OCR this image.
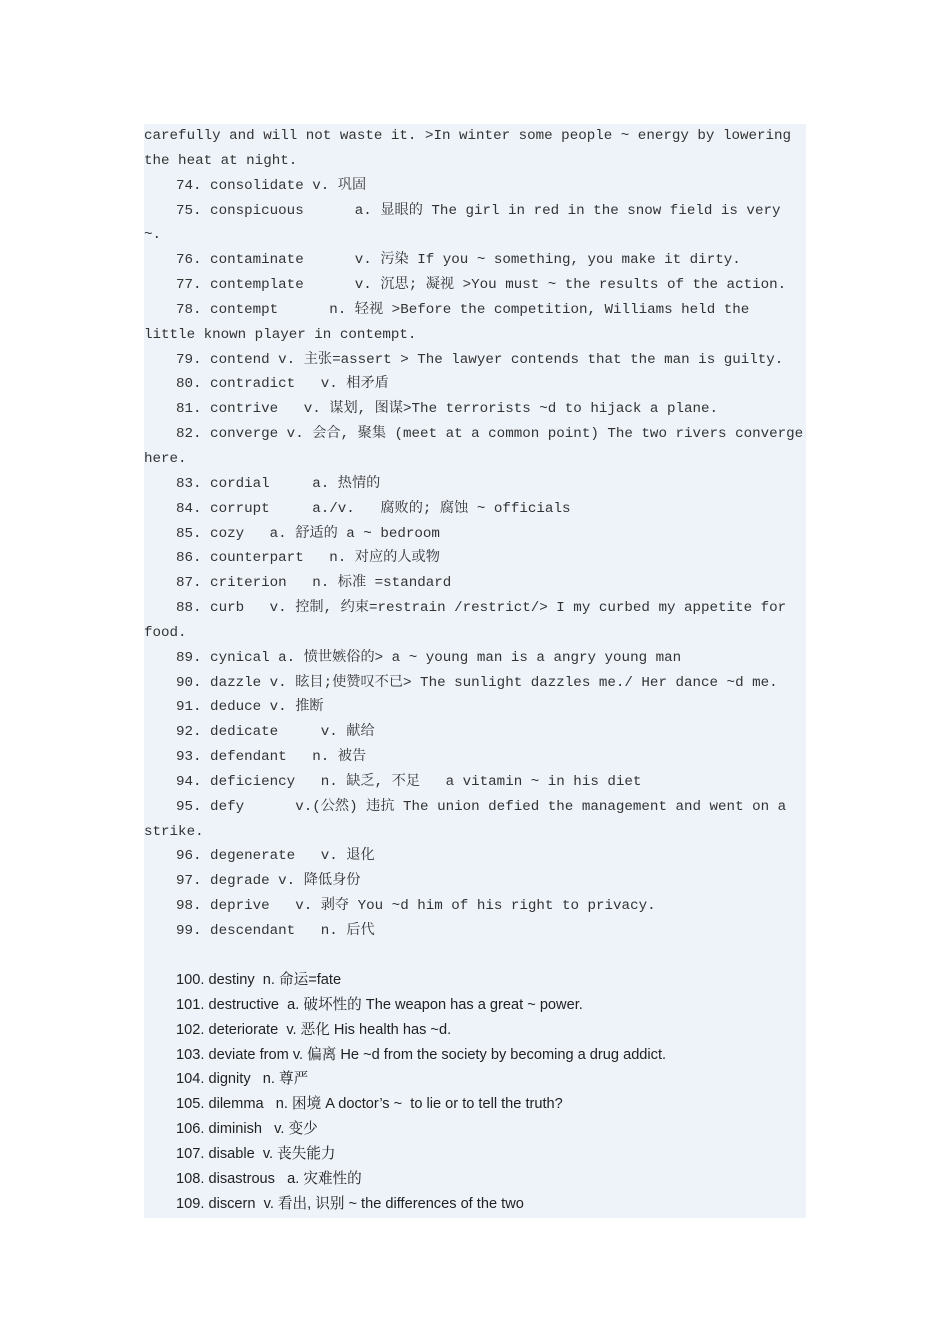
carefully and will not waste it. >In winter some people ~ energy by lowering
the heat at night.
74. consolidate v. 巩固
75. conspicuous      a. 显眼的 The girl in red in the snow field is very
~.
76. contaminate      v. 污染 If you ~ something, you make it dirty.
77. contemplate      v. 沉思; 凝视 >You must ~ the results of the action.
78. contempt      n. 轻视 >Before the competition, Williams held the
little known player in contempt.
79. contend v. 主张=assert > The lawyer contends that the man is guilty.
80. contradict   v. 相矛盾
81. contrive   v. 谋划, 图谋>The terrorists ~d to hijack a plane.
82. converge v. 会合, 聚集 (meet at a common point) The two rivers converge
here.
83. cordial     a. 热情的
84. corrupt     a./v.   腐败的; 腐蚀 ~ officials
85. cozy   a. 舒适的 a ~ bedroom
86. counterpart   n. 对应的人或物
87. criterion   n. 标准 =standard
88. curb   v. 控制, 约束=restrain /restrict/> I my curbed my appetite for
food.
89. cynical a. 愤世嫉俗的> a ~ young man is a angry young man
90. dazzle v. 眩目;使赞叹不已> The sunlight dazzles me./ Her dance ~d me.
91. deduce v. 推断
92. dedicate     v. 献给
93. defendant   n. 被告
94. deficiency   n. 缺乏, 不足   a vitamin ~ in his diet
95. defy      v.(公然) 违抗 The union defied the management and went on a
strike.
96. degenerate   v. 退化
97. degrade v. 降低身份
98. deprive   v. 剥夺 You ~d him of his right to privacy.
99. descendant   n. 后代
100. destiny  n. 命运=fate
101. destructive  a. 破坏性的 The weapon has a great ~ power.
102. deteriorate  v. 恶化 His health has ~d.
103. deviate from v. 偏离 He ~d from the society by becoming a drug addict.
104. dignity   n. 尊严
105. dilemma   n. 困境 A doctor’s ~  to lie or to tell the truth?
106. diminish   v. 变少
107. disable  v. 丧失能力
108. disastrous   a. 灾难性的
109. discern  v. 看出, 识别 ~ the differences of the two
